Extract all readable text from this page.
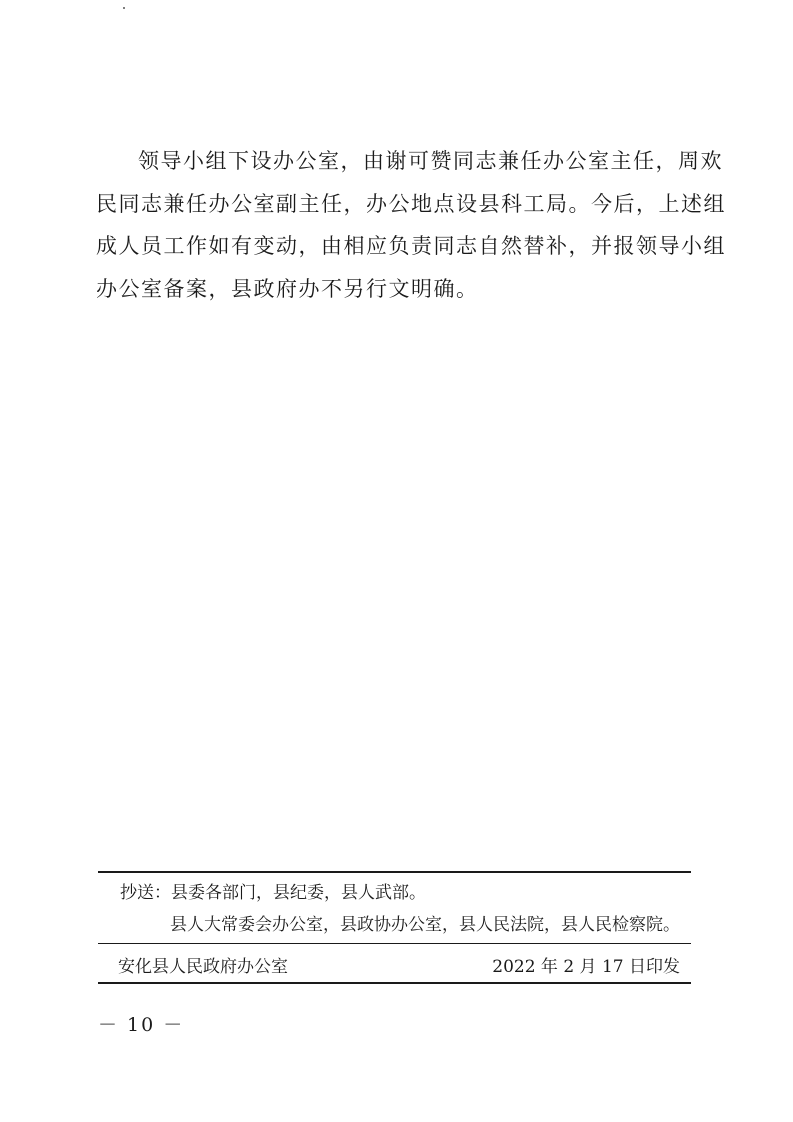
领导小组下设办公室，由谢可赞同志兼任办公室主任，周欢
民同志兼任办公室副主任，办公地点设县科工局。今后，上述组
成人员工作如有变动，由相应负责同志自然替补，并报领导小组
办公室备案，县政府办不另行文明确。
抄送：县委各部门，县纪委，县人武部。
县人大常委会办公室，县政协办公室，县人民法院，县人民检察院。
安化县人民政府办公室	2022 年 2 月 17 日印发
－ 10 －
